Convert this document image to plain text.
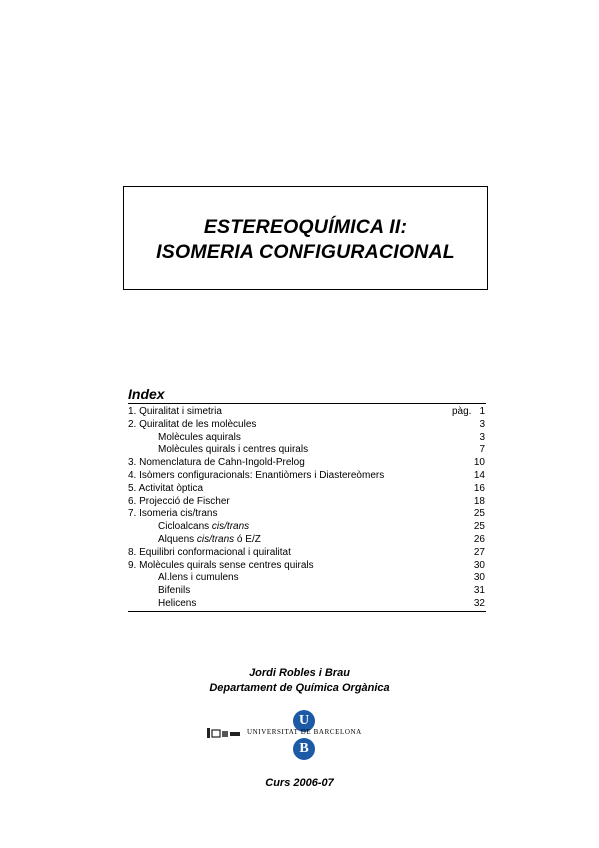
ESTEREOQUÍMICA II:
ISOMERIA CONFIGURACIONAL
Index
1. Quiralitat i simetria	pàg. 1
2. Quiralitat de les molècules	3
Molècules aquirals	3
Molècules quirals i centres quirals	7
3. Nomenclatura de Cahn-Ingold-Prelog	10
4. Isòmers configuracionals: Enantiòmers i Diastereòmers	14
5. Activitat òptica	16
6. Projecció de Fischer	18
7. Isomeria cis/trans	25
Cicloalcans cis/trans	25
Alquens cis/trans ó E/Z	26
8. Equilibri conformacional i quiralitat	27
9. Molècules quirals sense centres quirals	30
Al.lens i cumulens	30
Bifenils	31
Helicens	32
Jordi Robles i Brau
Departament de Química Orgànica
U
UNIVERSITAT DE BARCELONA
B
Curs 2006-07
